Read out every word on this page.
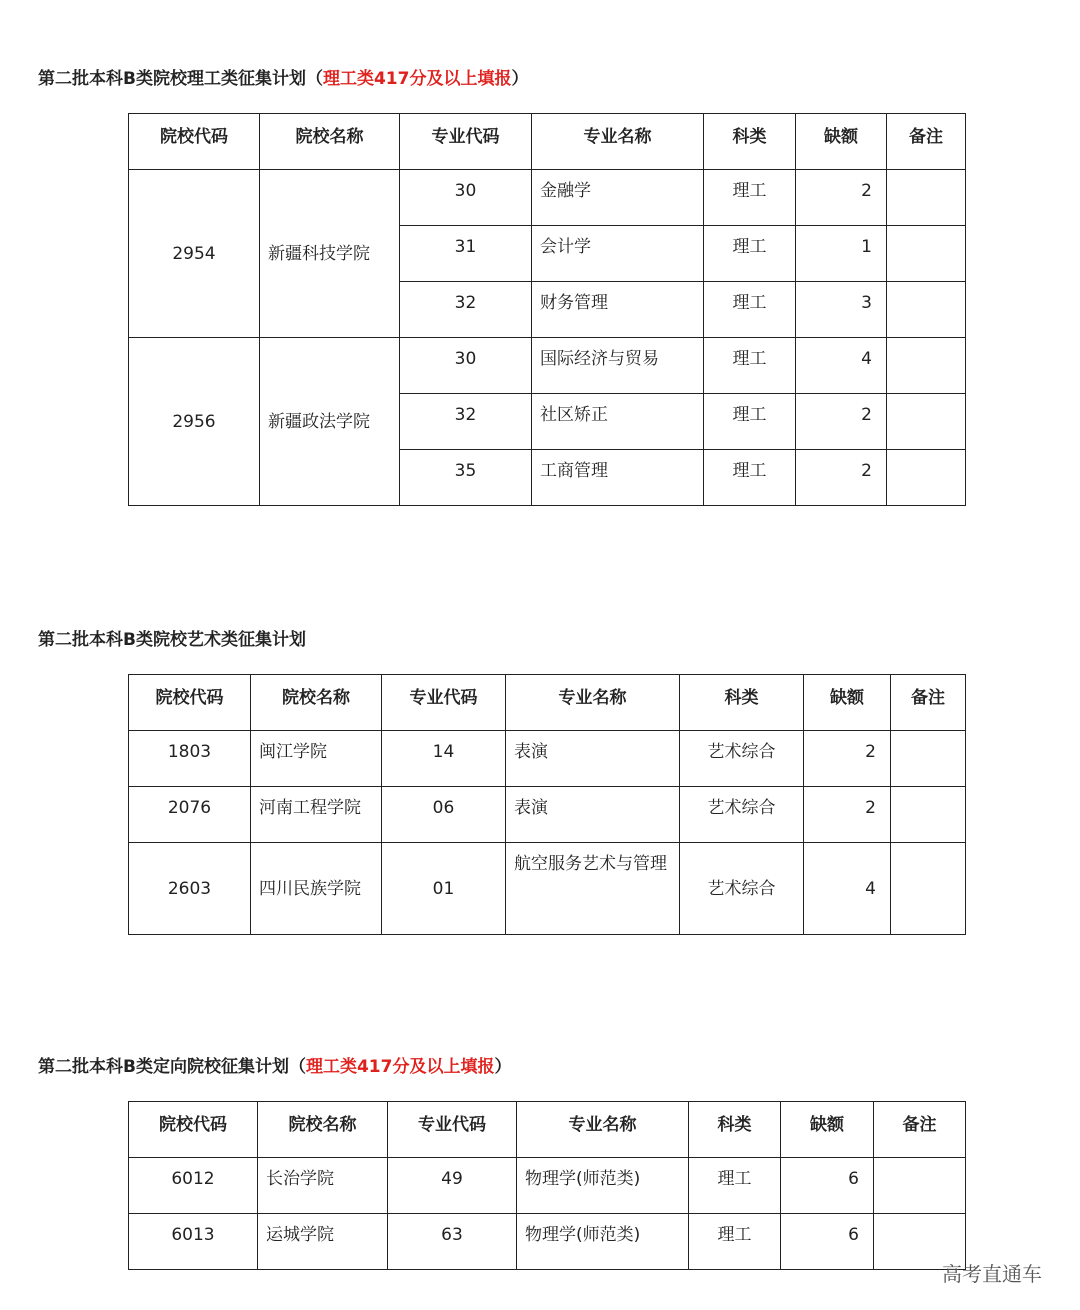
第二批本科B类院校理工类征集计划（理工类417分及以上填报）
院校代码	院校名称	专业代码	专业名称	科类	缺额	备注
2954	新疆科技学院	30	金融学	理工	2	
		31	会计学	理工	1	
		32	财务管理	理工	3	
2956	新疆政法学院	30	国际经济与贸易	理工	4	
		32	社区矫正	理工	2	
		35	工商管理	理工	2	
第二批本科B类院校艺术类征集计划
院校代码	院校名称	专业代码	专业名称	科类	缺额	备注
1803	闽江学院	14	表演	艺术综合	2	
2076	河南工程学院	06	表演	艺术综合	2	
2603	四川民族学院	01	航空服务艺术与管理	艺术综合	4	
第二批本科B类定向院校征集计划（理工类417分及以上填报）
院校代码	院校名称	专业代码	专业名称	科类	缺额	备注
6012	长治学院	49	物理学(师范类)	理工	6	
6013	运城学院	63	物理学(师范类)	理工	6	
高考直通车
